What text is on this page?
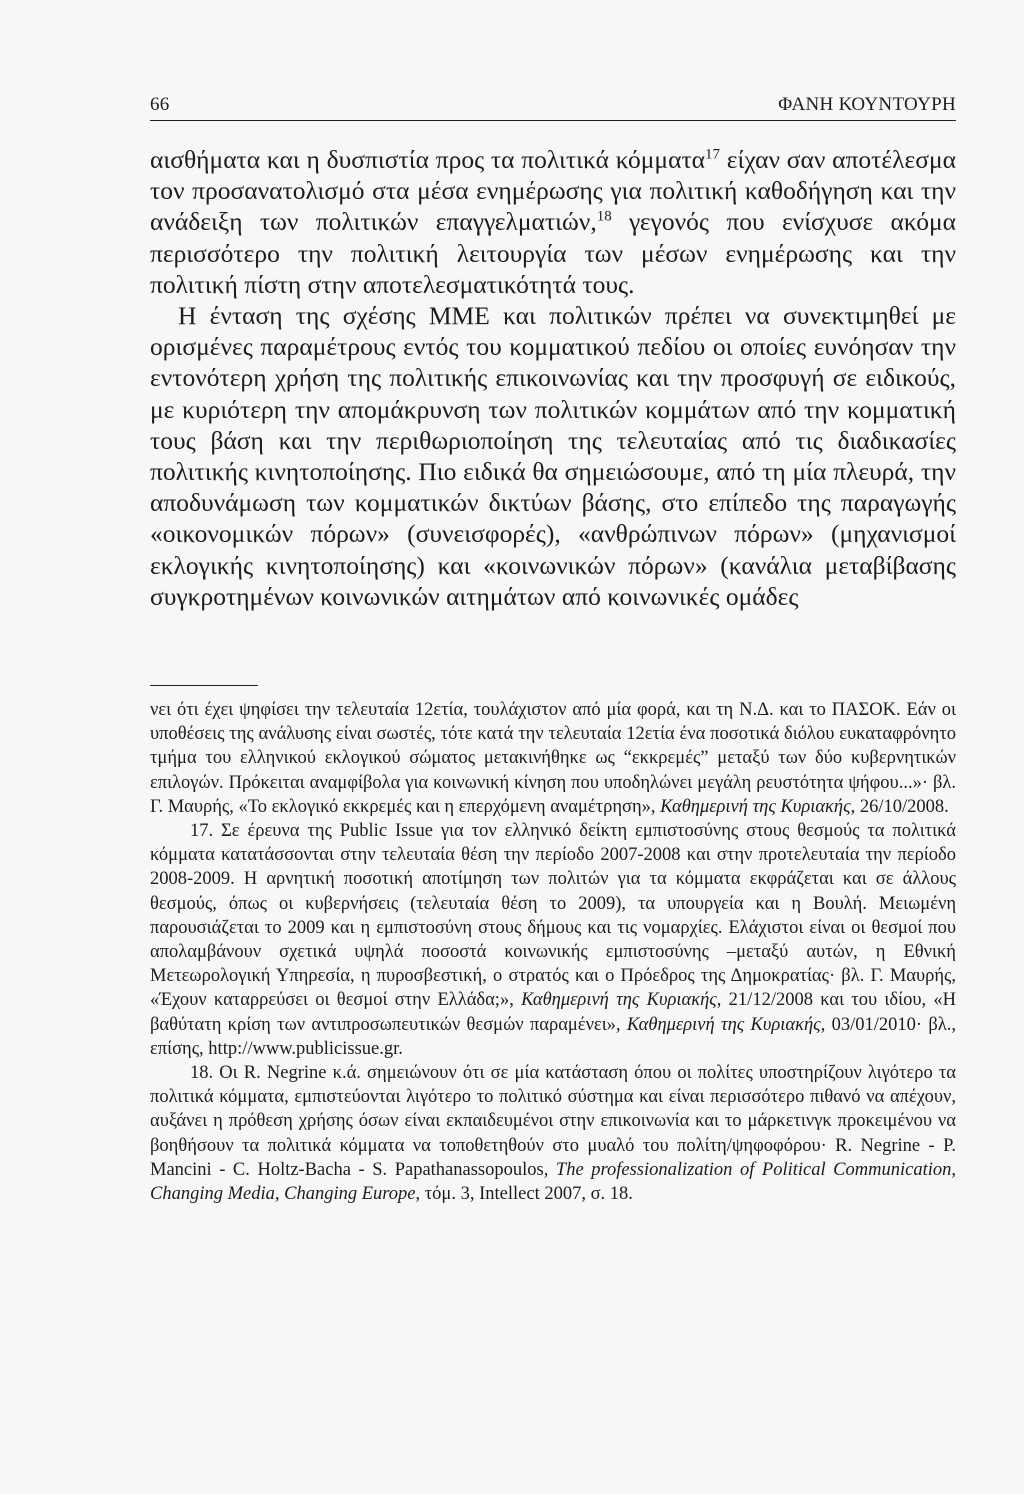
66	ΦΑΝΗ ΚΟΥΝΤΟΥΡΗ

αισθήματα και η δυσπιστία προς τα πολιτικά κόμματα$^{17}$ είχαν σαν αποτέλεσμα τον προσανατολισμό στα μέσα ενημέρωσης για πολιτική καθοδήγηση και την ανάδειξη των πολιτικών επαγγελματιών,$^{18}$ γεγονός που ενίσχυσε ακόμα περισσότερο την πολιτική λειτουργία των μέσων ενημέρωσης και την πολιτική πίστη στην αποτελεσματικότητά τους.

Η ένταση της σχέσης ΜΜΕ και πολιτικών πρέπει να συνεκτιμηθεί με ορισμένες παραμέτρους εντός του κομματικού πεδίου οι οποίες ευνόησαν την εντονότερη χρήση της πολιτικής επικοινωνίας και την προσφυγή σε ειδικούς, με κυριότερη την απομάκρυνση των πολιτικών κομμάτων από την κομματική τους βάση και την περιθωριοποίηση της τελευταίας από τις διαδικασίες πολιτικής κινητοποίησης. Πιο ειδικά θα σημειώσουμε, από τη μία πλευρά, την αποδυνάμωση των κομματικών δικτύων βάσης, στο επίπεδο της παραγωγής «οικονομικών πόρων» (συνεισφορές), «ανθρώπινων πόρων» (μηχανισμοί εκλογικής κινητοποίησης) και «κοινωνικών πόρων» (κανάλια μεταβίβασης συγκροτημένων κοινωνικών αιτημάτων από κοινωνικές ομάδες

νει ότι έχει ψηφίσει την τελευταία 12ετία, τουλάχιστον από μία φορά, και τη Ν.Δ. και το ΠΑΣΟΚ. Εάν οι υποθέσεις της ανάλυσης είναι σωστές, τότε κατά την τελευταία 12ετία ένα ποσοτικά διόλου ευκαταφρόνητο τμήμα του ελληνικού εκλογικού σώματος μετακινήθηκε ως “εκκρεμές” μεταξύ των δύο κυβερνητικών επιλογών. Πρόκειται αναμφίβολα για κοινωνική κίνηση που υποδηλώνει μεγάλη ρευστότητα ψήφου...»· βλ. Γ. Μαυρής, «Το εκλογικό εκκρεμές και η επερχόμενη αναμέτρηση», Καθημερινή της Κυριακής, 26/10/2008.

17. Σε έρευνα της Public Issue για τον ελληνικό δείκτη εμπιστοσύνης στους θεσμούς τα πολιτικά κόμματα κατατάσσονται στην τελευταία θέση την περίοδο 2007-2008 και στην προτελευταία την περίοδο 2008-2009. Η αρνητική ποσοτική αποτίμηση των πολιτών για τα κόμματα εκφράζεται και σε άλλους θεσμούς, όπως οι κυβερνήσεις (τελευταία θέση το 2009), τα υπουργεία και η Βουλή. Μειωμένη παρουσιάζεται το 2009 και η εμπιστοσύνη στους δήμους και τις νομαρχίες. Ελάχιστοι είναι οι θεσμοί που απολαμβάνουν σχετικά υψηλά ποσοστά κοινωνικής εμπιστοσύνης –μεταξύ αυτών, η Εθνική Μετεωρολογική Υπηρεσία, η πυροσβεστική, ο στρατός και ο Πρόεδρος της Δημοκρατίας· βλ. Γ. Μαυρής, «Έχουν καταρρεύσει οι θεσμοί στην Ελλάδα;», Καθημερινή της Κυριακής, 21/12/2008 και του ιδίου, «Η βαθύτατη κρίση των αντιπροσωπευτικών θεσμών παραμένει», Καθημερινή της Κυριακής, 03/01/2010· βλ., επίσης, http://www.publicissue.gr.

18. Οι R. Negrine κ.ά. σημειώνουν ότι σε μία κατάσταση όπου οι πολίτες υποστηρίζουν λιγότερο τα πολιτικά κόμματα, εμπιστεύονται λιγότερο το πολιτικό σύστημα και είναι περισσότερο πιθανό να απέχουν, αυξάνει η πρόθεση χρήσης όσων είναι εκπαιδευμένοι στην επικοινωνία και το μάρκετινγκ προκειμένου να βοηθήσουν τα πολιτικά κόμματα να τοποθετηθούν στο μυαλό του πολίτη/ψηφοφόρου· R. Negrine - P. Mancini - C. Holtz-Bacha - S. Papathanassopoulos, The professionalization of Political Communication, Changing Media, Changing Europe, τόμ. 3, Intellect 2007, σ. 18.
